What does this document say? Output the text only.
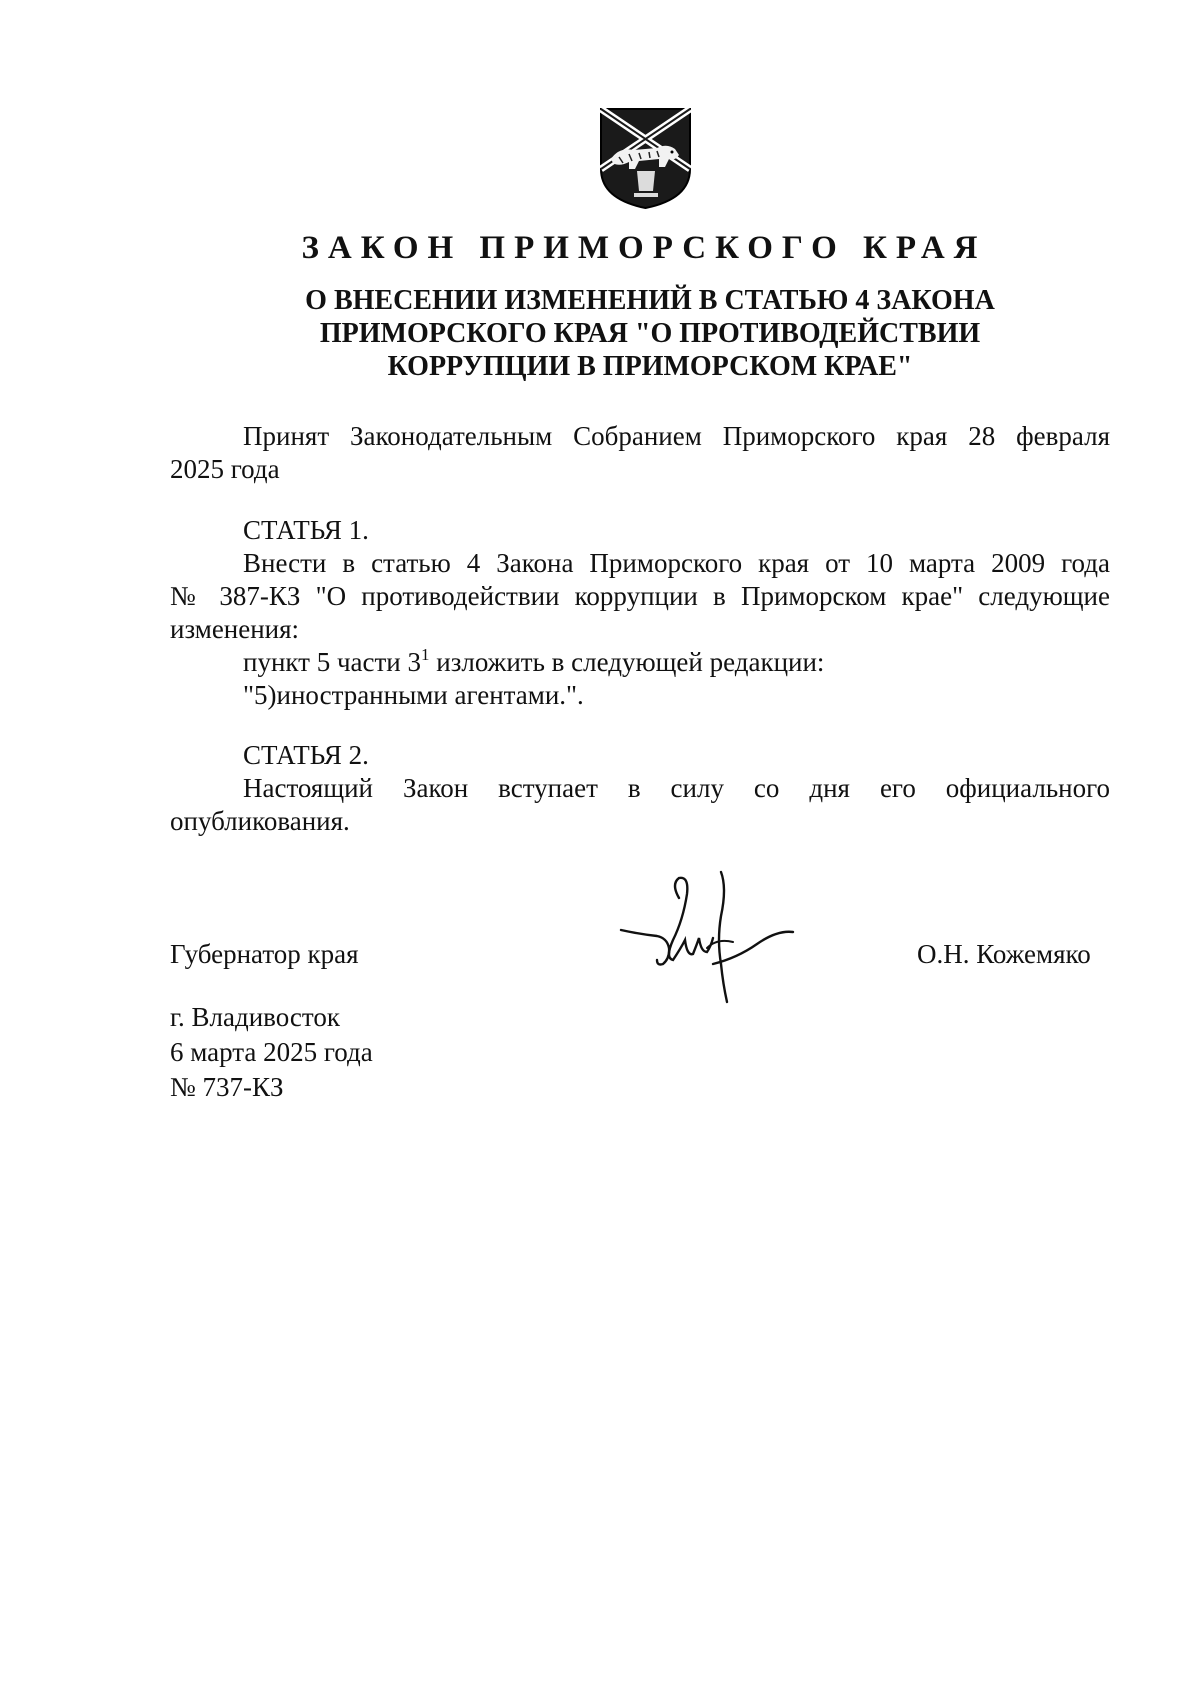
ЗАКОН ПРИМОРСКОГО КРАЯ
О ВНЕСЕНИИ ИЗМЕНЕНИЙ В СТАТЬЮ 4 ЗАКОНА
ПРИМОРСКОГО КРАЯ "О ПРОТИВОДЕЙСТВИИ
КОРРУПЦИИ В ПРИМОРСКОМ КРАЕ"
Принят Законодательным Собранием Приморского края 28 февраля
2025 года
СТАТЬЯ 1.
Внести в статью 4 Закона Приморского края от 10 марта 2009 года
№ 387-КЗ "О противодействии коррупции в Приморском крае" следующие
изменения:
пункт 5 части $3^1$ изложить в следующей редакции:
"5)иностранными агентами.".
СТАТЬЯ 2.
Настоящий Закон вступает в силу со дня его официального
опубликования.
Губернатор края	О.Н. Кожемяко
г. Владивосток
6 марта 2025 года
№ 737-КЗ
